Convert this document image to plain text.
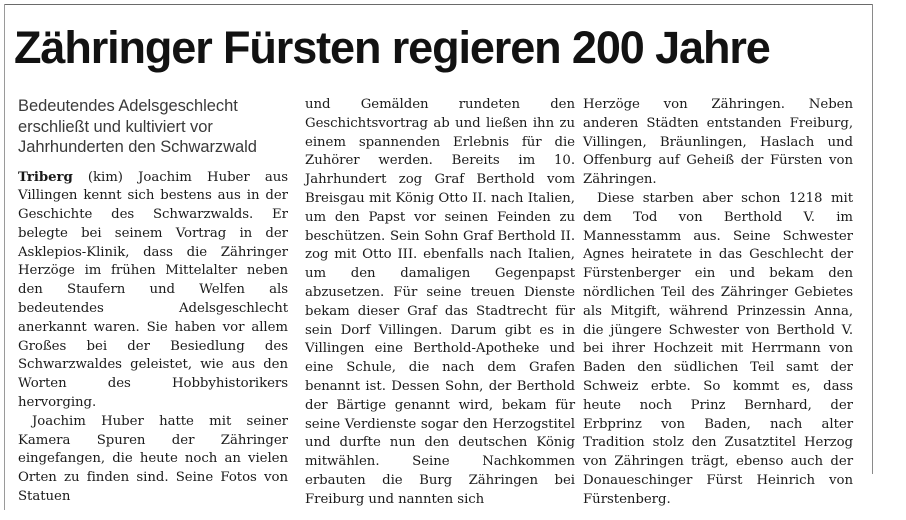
Zähringer Fürsten regieren 200 Jahre
Bedeutendes Adelsgeschlecht erschließt und kultiviert vor Jahrhunderten den Schwarzwald

Triberg (kim) Joachim Huber aus Villingen kennt sich bestens aus in der Geschichte des Schwarzwalds. Er belegte bei seinem Vortrag in der Asklepios-Klinik, dass die Zähringer Herzöge im frühen Mittelalter neben den Staufern und Welfen als bedeutendes Adelsgeschlecht anerkannt waren. Sie haben vor allem Großes bei der Besiedlung des Schwarzwaldes geleistet, wie aus den Worten des Hobbyhistorikers hervorging.

Joachim Huber hatte mit seiner Kamera Spuren der Zähringer eingefangen, die heute noch an vielen Orten zu finden sind. Seine Fotos von Statuen

und Gemälden rundeten den Geschichtsvortrag ab und ließen ihn zu einem spannenden Erlebnis für die Zuhörer werden. Bereits im 10. Jahrhundert zog Graf Berthold vom Breisgau mit König Otto II. nach Italien, um den Papst vor seinen Feinden zu beschützen. Sein Sohn Graf Berthold II. zog mit Otto III. ebenfalls nach Italien, um den damaligen Gegenpapst abzusetzen. Für seine treuen Dienste bekam dieser Graf das Stadtrecht für sein Dorf Villingen. Darum gibt es in Villingen eine Berthold-Apotheke und eine Schule, die nach dem Grafen benannt ist. Dessen Sohn, der Berthold der Bärtige genannt wird, bekam für seine Verdienste sogar den Herzogstitel und durfte nun den deutschen König mitwählen. Seine Nachkommen erbauten die Burg Zähringen bei Freiburg und nannten sich

Herzöge von Zähringen. Neben anderen Städten entstanden Freiburg, Villingen, Bräunlingen, Haslach und Offenburg auf Geheiß der Fürsten von Zähringen.

Diese starben aber schon 1218 mit dem Tod von Berthold V. im Mannesstamm aus. Seine Schwester Agnes heiratete in das Geschlecht der Fürstenberger ein und bekam den nördlichen Teil des Zähringer Gebietes als Mitgift, während Prinzessin Anna, die jüngere Schwester von Berthold V. bei ihrer Hochzeit mit Herrmann von Baden den südlichen Teil samt der Schweiz erbte. So kommt es, dass heute noch Prinz Bernhard, der Erbprinz von Baden, nach alter Tradition stolz den Zusatztitel Herzog von Zähringen trägt, ebenso auch der Donaueschinger Fürst Heinrich von Fürstenberg.
